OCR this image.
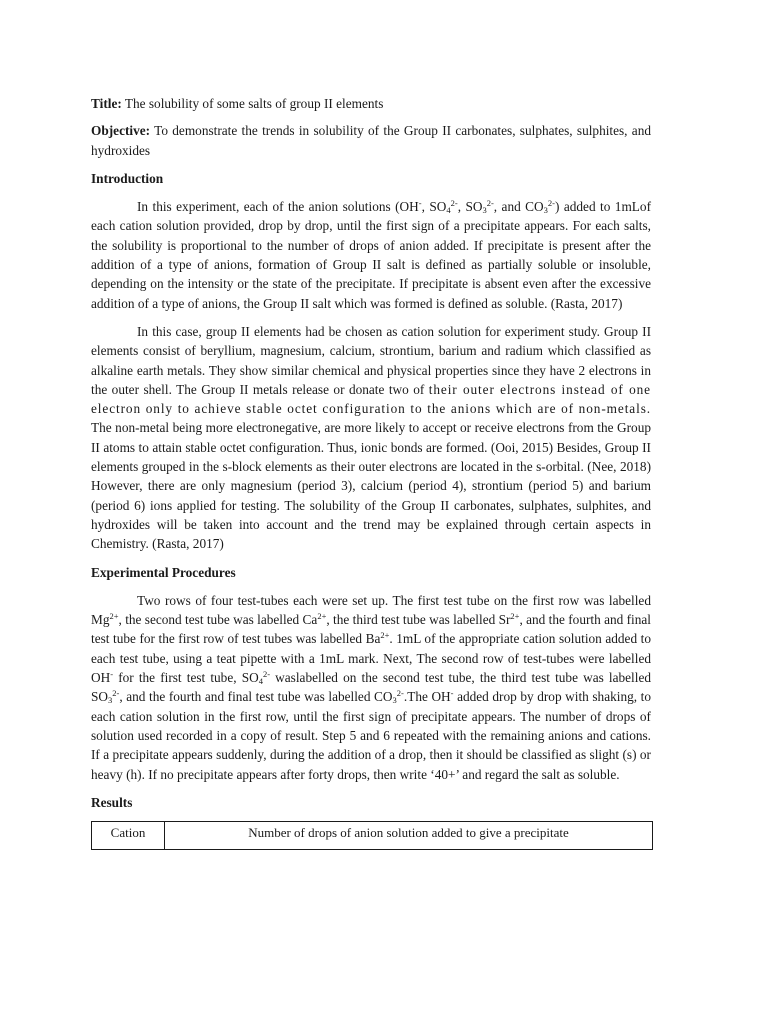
Title: The solubility of some salts of group II elements

Objective: To demonstrate the trends in solubility of the Group II carbonates, sulphates, sulphites, and hydroxides

Introduction

In this experiment, each of the anion solutions (OH-, $SO_4^{2-}$, $SO_3^{2-}$, and $CO_3^{2-}$) added to 1mLof each cation solution provided, drop by drop, until the first sign of a precipitate appears. For each salts, the solubility is proportional to the number of drops of anion added. If precipitate is present after the addition of a type of anions, formation of Group II salt is defined as partially soluble or insoluble, depending on the intensity or the state of the precipitate. If precipitate is absent even after the excessive addition of a type of anions, the Group II salt which was formed is defined as soluble. (Rasta, 2017)

In this case, group II elements had be chosen as cation solution for experiment study. Group II elements consist of beryllium, magnesium, calcium, strontium, barium and radium which classified as alkaline earth metals. They show similar chemical and physical properties since they have 2 electrons in the outer shell. The Group II metals release or donate two of their outer electrons instead of one electron only to achieve stable octet configuration to the anions which are of non-metals. The non-metal being more electronegative, are more likely to accept or receive electrons from the Group II atoms to attain stable octet configuration. Thus, ionic bonds are formed. (Ooi, 2015) Besides, Group II elements grouped in the s-block elements as their outer electrons are located in the s-orbital. (Nee, 2018) However, there are only magnesium (period 3), calcium (period 4), strontium (period 5) and barium (period 6) ions applied for testing. The solubility of the Group II carbonates, sulphates, sulphites, and hydroxides will be taken into account and the trend may be explained through certain aspects in Chemistry. (Rasta, 2017)

Experimental Procedures

Two rows of four test-tubes each were set up. The first test tube on the first row was labelled $Mg^{2+}$, the second test tube was labelled $Ca^{2+}$, the third test tube was labelled $Sr^{2+}$, and the fourth and final test tube for the first row of test tubes was labelled $Ba^{2+}$. 1mL of the appropriate cation solution added to each test tube, using a teat pipette with a 1mL mark. Next, The second row of test-tubes were labelled OH- for the first test tube, $SO_4^{2-}$ waslabelled on the second test tube, the third test tube was labelled $SO_3^{2-}$, and the fourth and final test tube was labelled $CO_3^{2-}.The$ OH- added drop by drop with shaking, to each cation solution in the first row, until the first sign of precipitate appears. The number of drops of solution used recorded in a copy of result. Step 5 and 6 repeated with the remaining anions and cations. If a precipitate appears suddenly, during the addition of a drop, then it should be classified as slight (s) or heavy (h). If no precipitate appears after forty drops, then write ‘40+’ and regard the salt as soluble.

Results

Cation	Number of drops of anion solution added to give a precipitate
